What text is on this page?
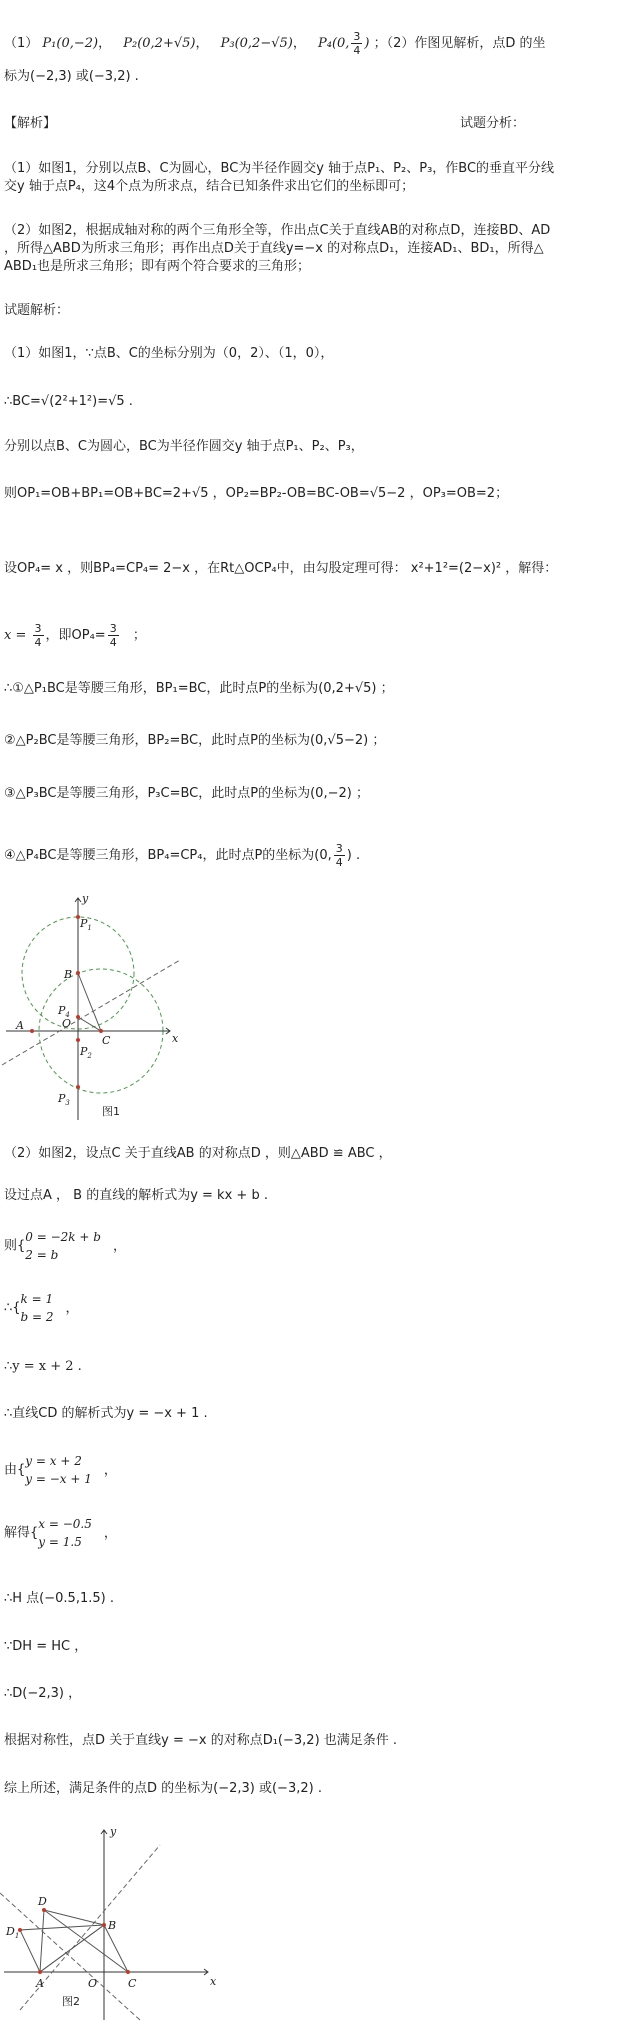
（1） P₁(0,−2)， P₂(0,2+√5)， P₃(0,2−√5)， P₄(0, $\frac{3}{4}$ ) ；（2）作图见解析，点D 的坐
标为(−2,3) 或(−3,2) .
【解析】	试题分析：
（1）如图1，分别以点B、C为圆心，BC为半径作圆交y 轴于点P₁、P₂、P₃，作BC的垂直平分线
交y 轴于点P₄，这4个点为所求点，结合已知条件求出它们的坐标即可；
（2）如图2，根据成轴对称的两个三角形全等，作出点C关于直线AB的对称点D，连接BD、AD
，所得△ABD为所求三角形；再作出点D关于直线y=−x 的对称点D₁，连接AD₁、BD₁，所得△
ABD₁也是所求三角形；即有两个符合要求的三角形；
试题解析：
（1）如图1，∵点B、C的坐标分别为（0，2）、（1，0），
∴BC=√(2²+1²)=√5 .
分别以点B、C为圆心，BC为半径作圆交y 轴于点P₁、P₂、P₃，
则OP₁=OB+BP₁=OB+BC=2+√5 ，OP₂=BP₂-OB=BC-OB=√5−2 ，OP₃=OB=2；
设OP₄= x ，则BP₄=CP₄= 2−x ，在Rt△OCP₄中，由勾股定理可得： x²+1²=(2−x)² ，解得：
$x = \frac{3}{4}$ ，即$OP_4= \frac{3}{4}$ ；
∴①△P₁BC是等腰三角形，BP₁=BC，此时点P的坐标为(0,2+√5) ；
②△P₂BC是等腰三角形，BP₂=BC，此时点P的坐标为(0,√5−2) ；
③△P₃BC是等腰三角形，P₃C=BC，此时点P的坐标为(0,−2) ；
④△P₄BC是等腰三角形，BP₄=CP₄，此时点P的坐标为(0, $\frac{3}{4}$ ) .
y
x
$P_1$
B
$P_4$
O
A
C
$P_2$
$P_3$
图1
（2）如图2，设点C 关于直线AB 的对称点D ，则△ABD ≌ ABC ，
设过点A ， B 的直线的解析式为y = kx + b .
则{
0 = −2k + b
2 = b
，
∴{
k = 1
b = 2
，
∴y = x + 2 .
∴直线CD 的解析式为y = −x + 1 .
由{
y = x + 2
y = −x + 1
，
解得{
x = −0.5
y = 1.5
，
∴H 点(−0.5,1.5) .
∵DH = HC ，
∴D(−2,3) ，
根据对称性，点D 关于直线y = −x 的对称点D₁(−3,2) 也满足条件 .
综上所述，满足条件的点D 的坐标为(−2,3) 或(−3,2) .
y
x
D
$D_1$
B
A	O	C
图2
